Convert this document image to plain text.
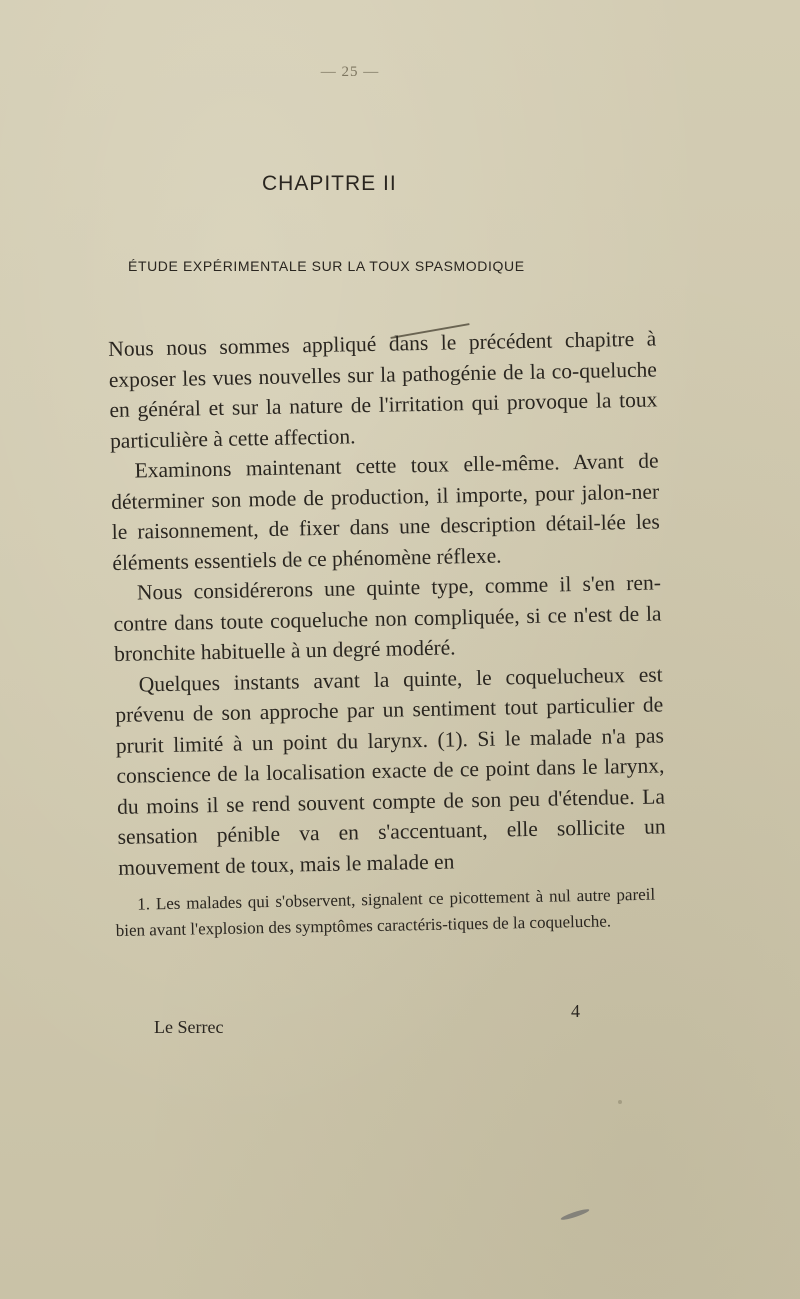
— 25 —
CHAPITRE II
ÉTUDE EXPÉRIMENTALE SUR LA TOUX SPASMODIQUE

Nous nous sommes appliqué dans le précédent chapitre à exposer les vues nouvelles sur la pathogénie de la co-queluche en général et sur la nature de l'irritation qui provoque la toux particulière à cette affection.

Examinons maintenant cette toux elle-même. Avant de déterminer son mode de production, il importe, pour jalon-ner le raisonnement, de fixer dans une description détail-lée les éléments essentiels de ce phénomène réflexe.

Nous considérerons une quinte type, comme il s'en ren-contre dans toute coqueluche non compliquée, si ce n'est de la bronchite habituelle à un degré modéré.

Quelques instants avant la quinte, le coquelucheux est prévenu de son approche par un sentiment tout particulier de prurit limité à un point du larynx. (1). Si le malade n'a pas conscience de la localisation exacte de ce point dans le larynx, du moins il se rend souvent compte de son peu d'étendue. La sensation pénible va en s'accentuant, elle sollicite un mouvement de toux, mais le malade en

1. Les malades qui s'observent, signalent ce picottement à nul autre pareil bien avant l'explosion des symptômes caractéris-tiques de la coqueluche.

Le Serrec
4
